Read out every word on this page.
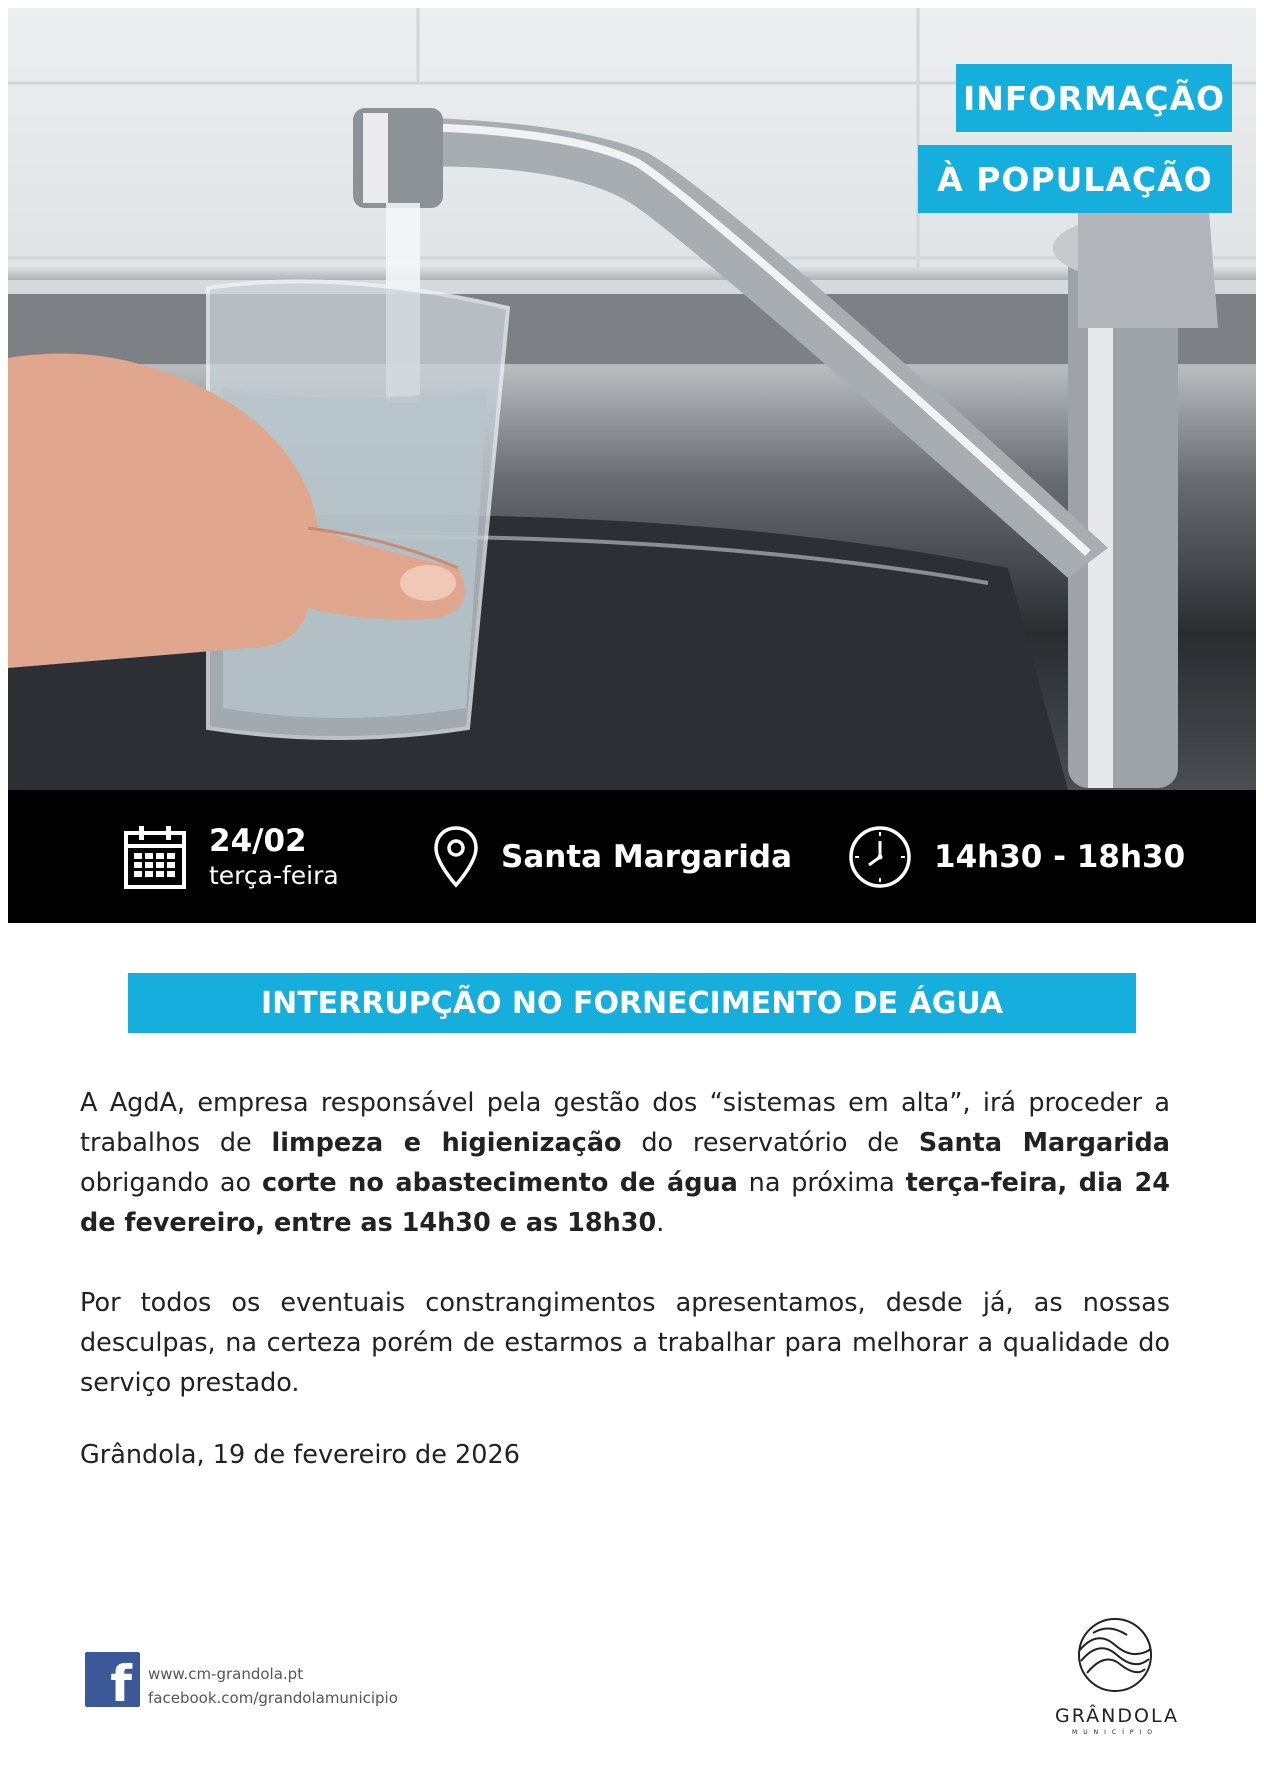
INFORMAÇÃO
À POPULAÇÃO
24/02
terça-feira
Santa Margarida	14h30 - 18h30
INTERRUPÇÃO NO FORNECIMENTO DE ÁGUA

A AgdA, empresa responsável pela gestão dos “sistemas em alta”, irá proceder a trabalhos de limpeza e higienização do reservatório de Santa Margarida obrigando ao corte no abastecimento de água na próxima terça-feira, dia 24 de fevereiro, entre as 14h30 e as 18h30.

Por todos os eventuais constrangimentos apresentamos, desde já, as nossas desculpas, na certeza porém de estarmos a trabalhar para melhorar a qualidade do serviço prestado.

Grândola, 19 de fevereiro de 2026
f www.cm-grandola.pt
facebook.com/grandolamunicipio
GRÂNDOLA
MUNICÍPIO
